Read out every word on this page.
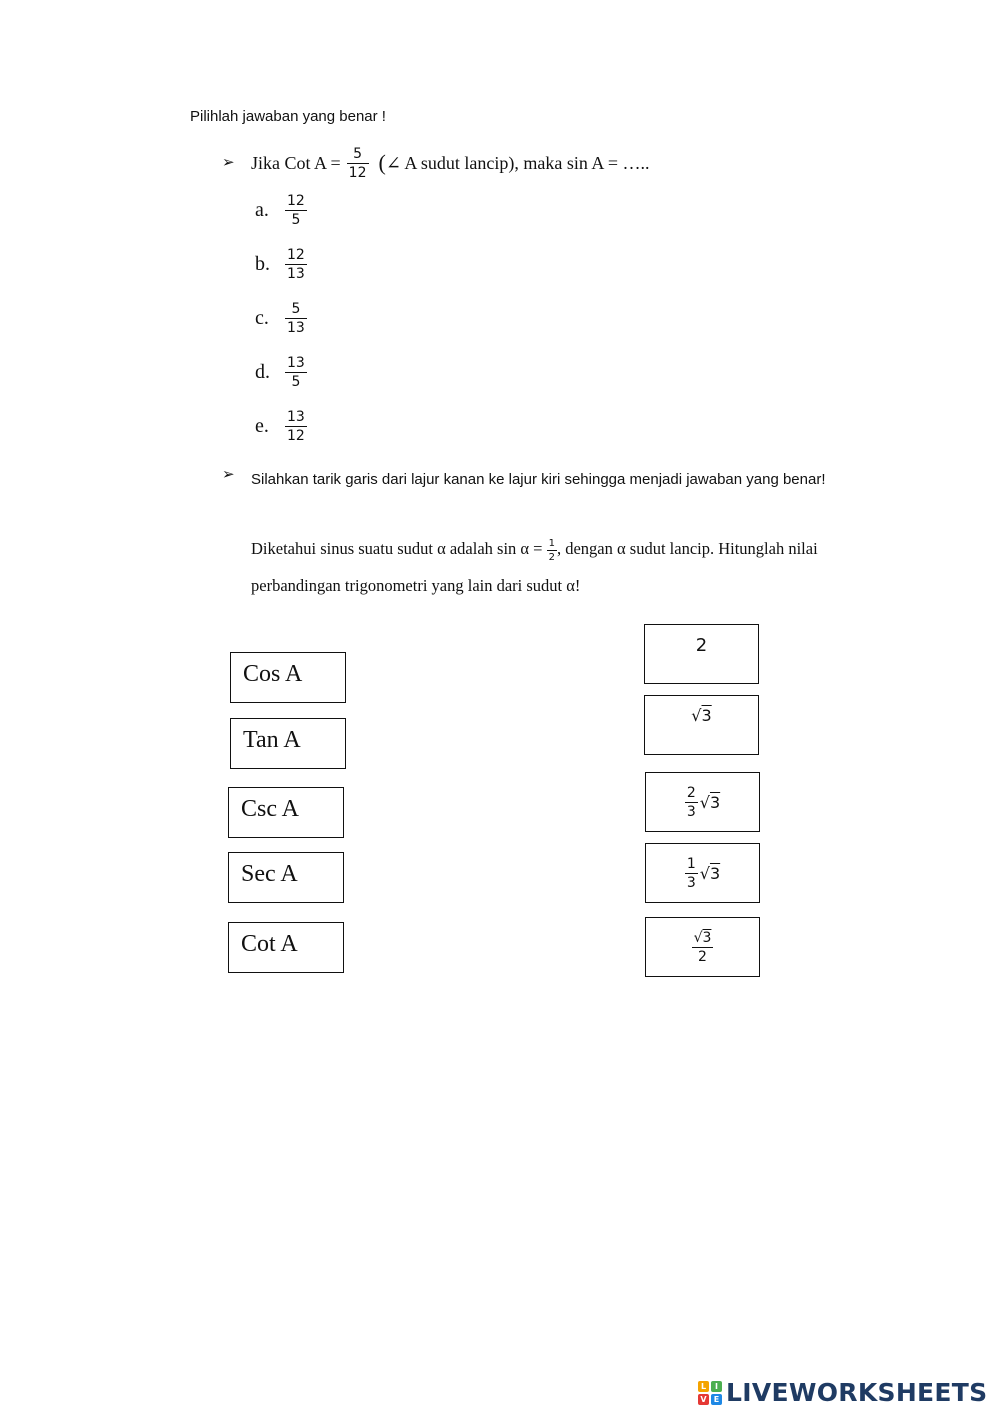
Pilihlah jawaban yang benar !
➢ Jika Cot $A = \frac{5}{12}$ ( ∠ A sudut lancip), maka sin A = …..
a.	$\frac{12}{5}$
b.	$\frac{12}{13}$
c.	$\frac{5}{13}$
d.	$\frac{13}{5}$
e.	$\frac{13}{12}$
➢ Silahkan tarik garis dari lajur kanan ke lajur kiri sehingga menjadi jawaban yang benar!
Diketahui sinus suatu sudut α adalah $\sin \alpha = \frac{1}{2}$ , dengan α sudut lancip. Hitunglah nilai perbandingan trigonometri yang lain dari sudut α!
Cos A
Tan A
Csc A
Sec A
Cot A
2
√3
$\frac{2}{3} √3$
$\frac{1}{3} √3$
$\frac{√3}{2}$
L	I
V E LIVEWORKSHEETS
